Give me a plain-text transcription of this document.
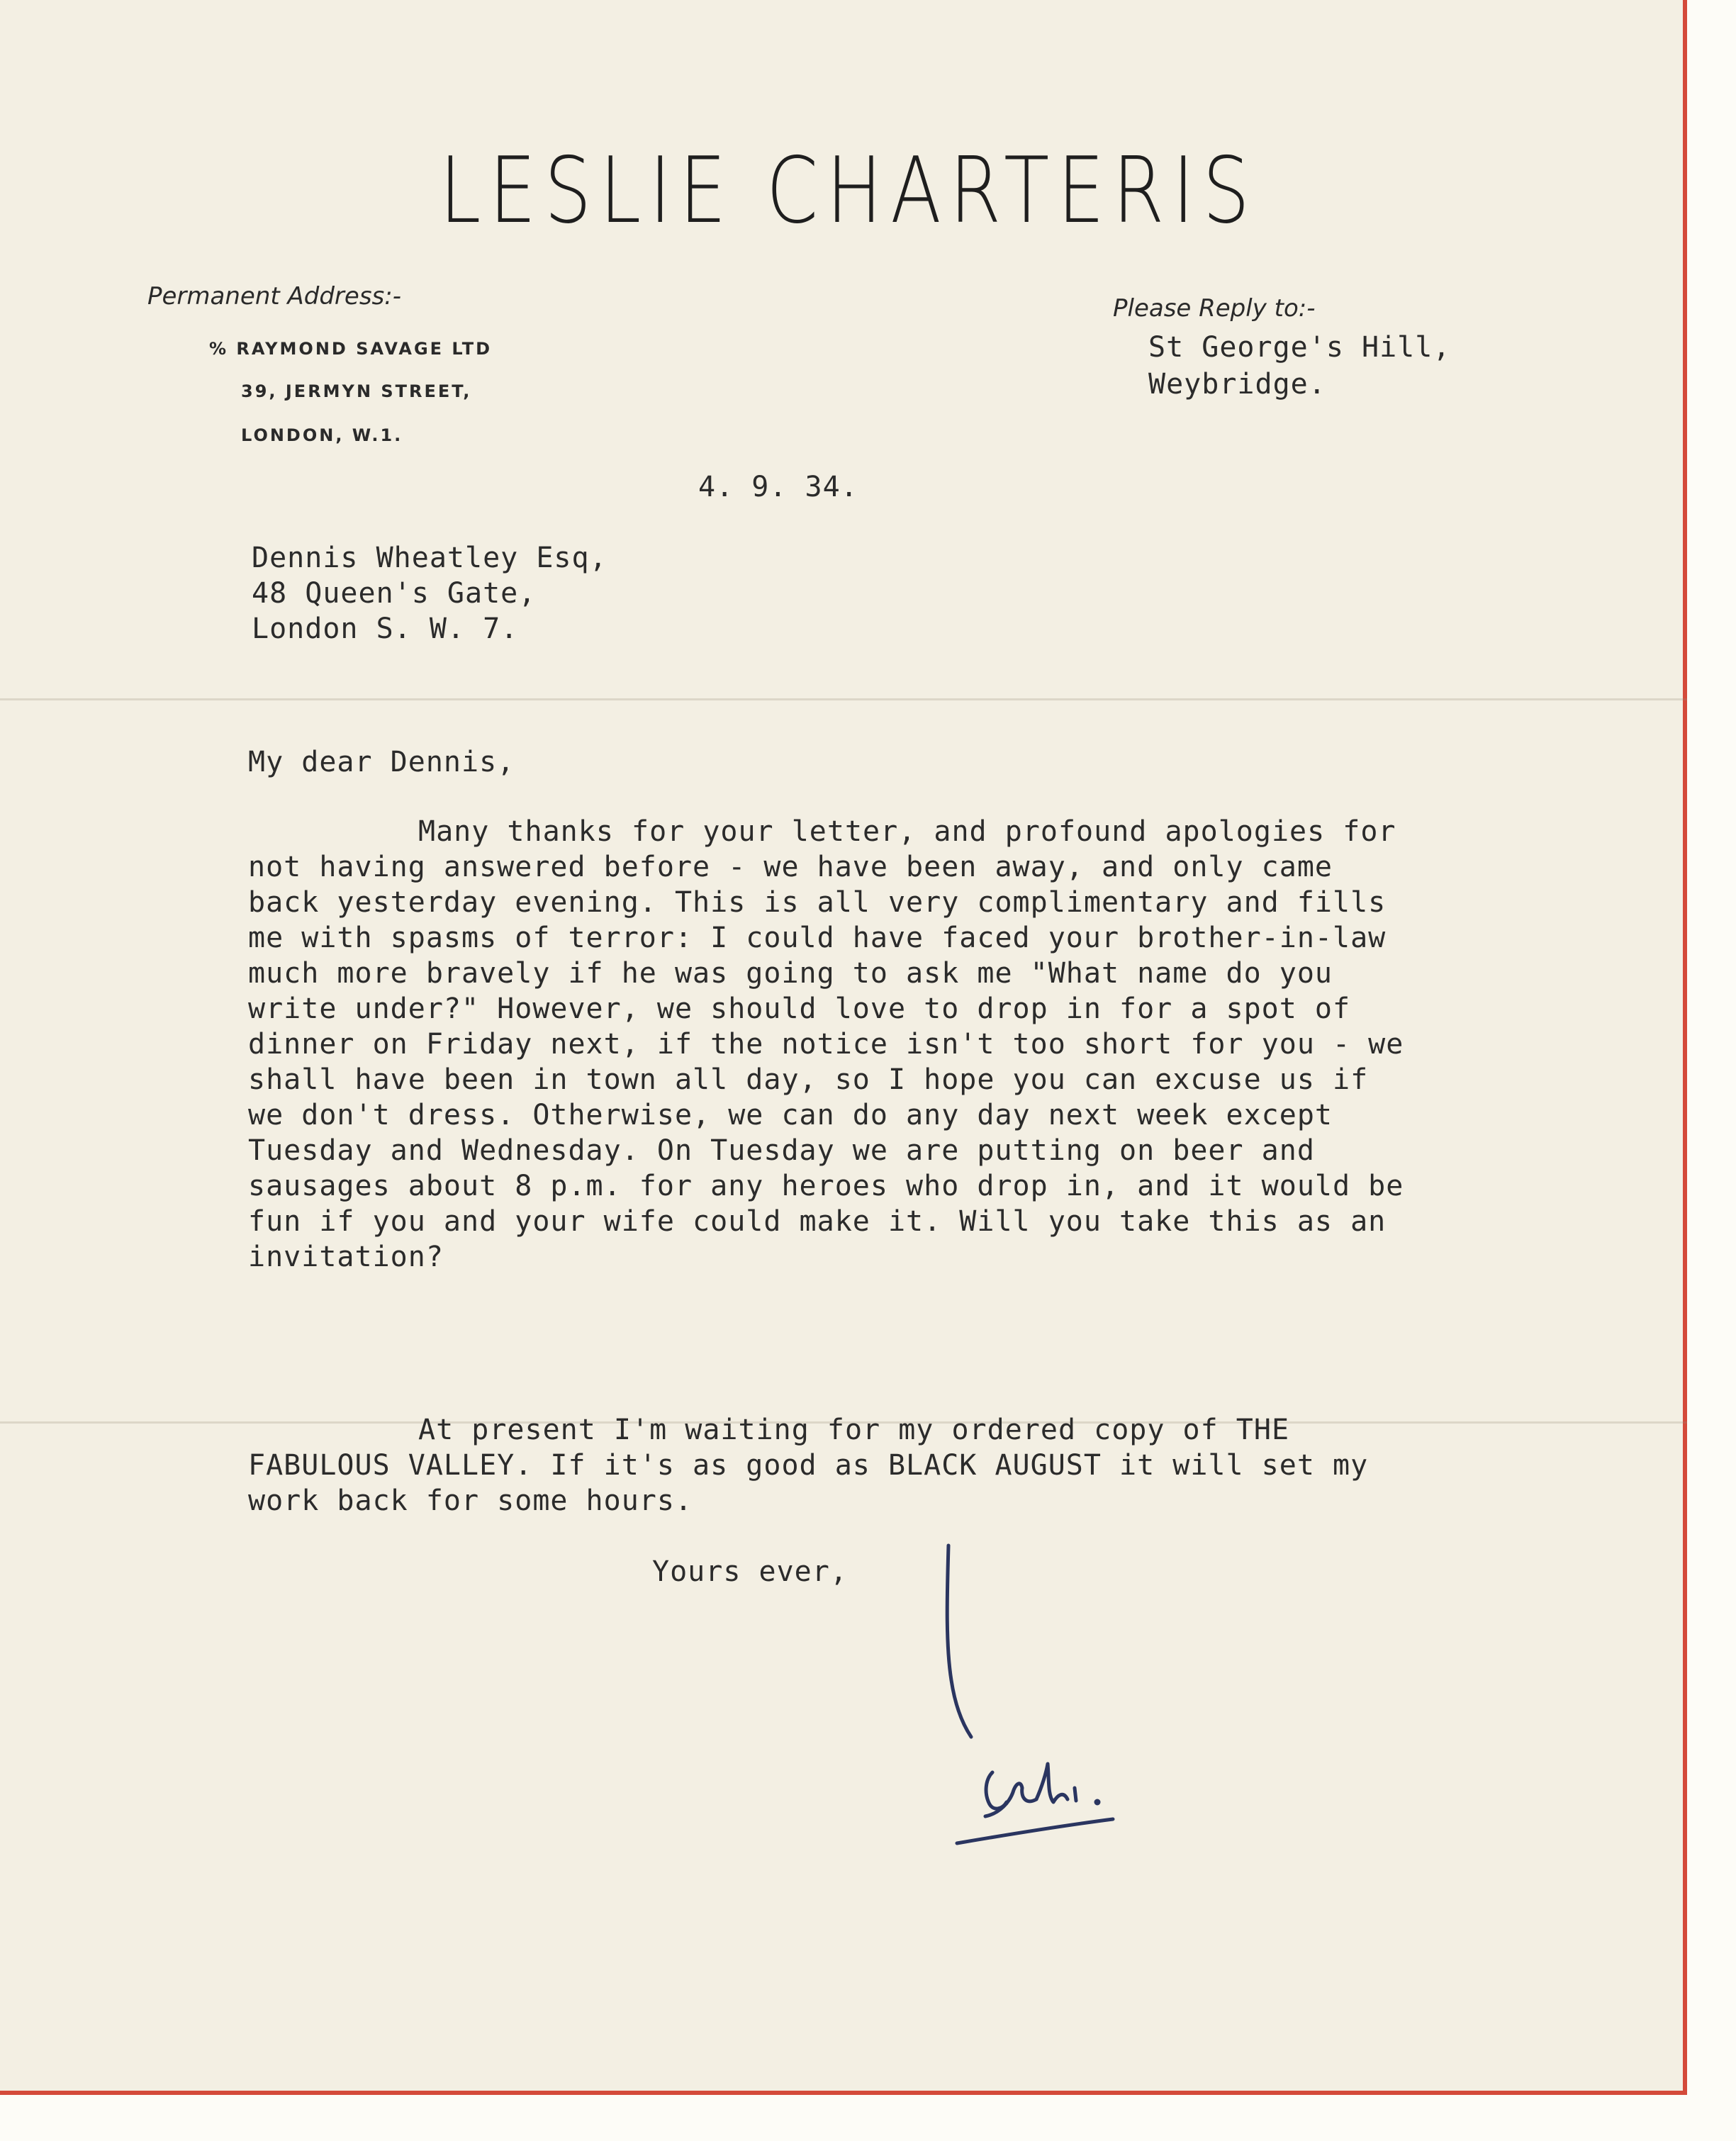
LESLIE CHARTERIS
Permanent Address:-
% RAYMOND SAVAGE LTD
39, JERMYN STREET,
LONDON, W.1.
Please Reply to:-
St George's Hill,
Weybridge.
4. 9. 34.
Dennis Wheatley Esq,
48 Queen's Gate,
London S. W. 7.
My dear Dennis,
Many thanks for your letter, and profound apologies for not having answered before - we have been away, and only came back yesterday evening. This is all very complimentary and fills me with spasms of terror: I could have faced your brother-in-law much more bravely if he was going to ask me "What name do you write under?" However, we should love to drop in for a spot of dinner on Friday next, if the notice isn't too short for you - we shall have been in town all day, so I hope you can excuse us if we don't dress. Otherwise, we can do any day next week except Tuesday and Wednesday. On Tuesday we are putting on beer and sausages about 8 p.m. for any heroes who drop in, and it would be fun if you and your wife could make it. Will you take this as an invitation?
At present I'm waiting for my ordered copy of THE FABULOUS VALLEY. If it's as good as BLACK AUGUST it will set my work back for some hours.
Yours ever,
